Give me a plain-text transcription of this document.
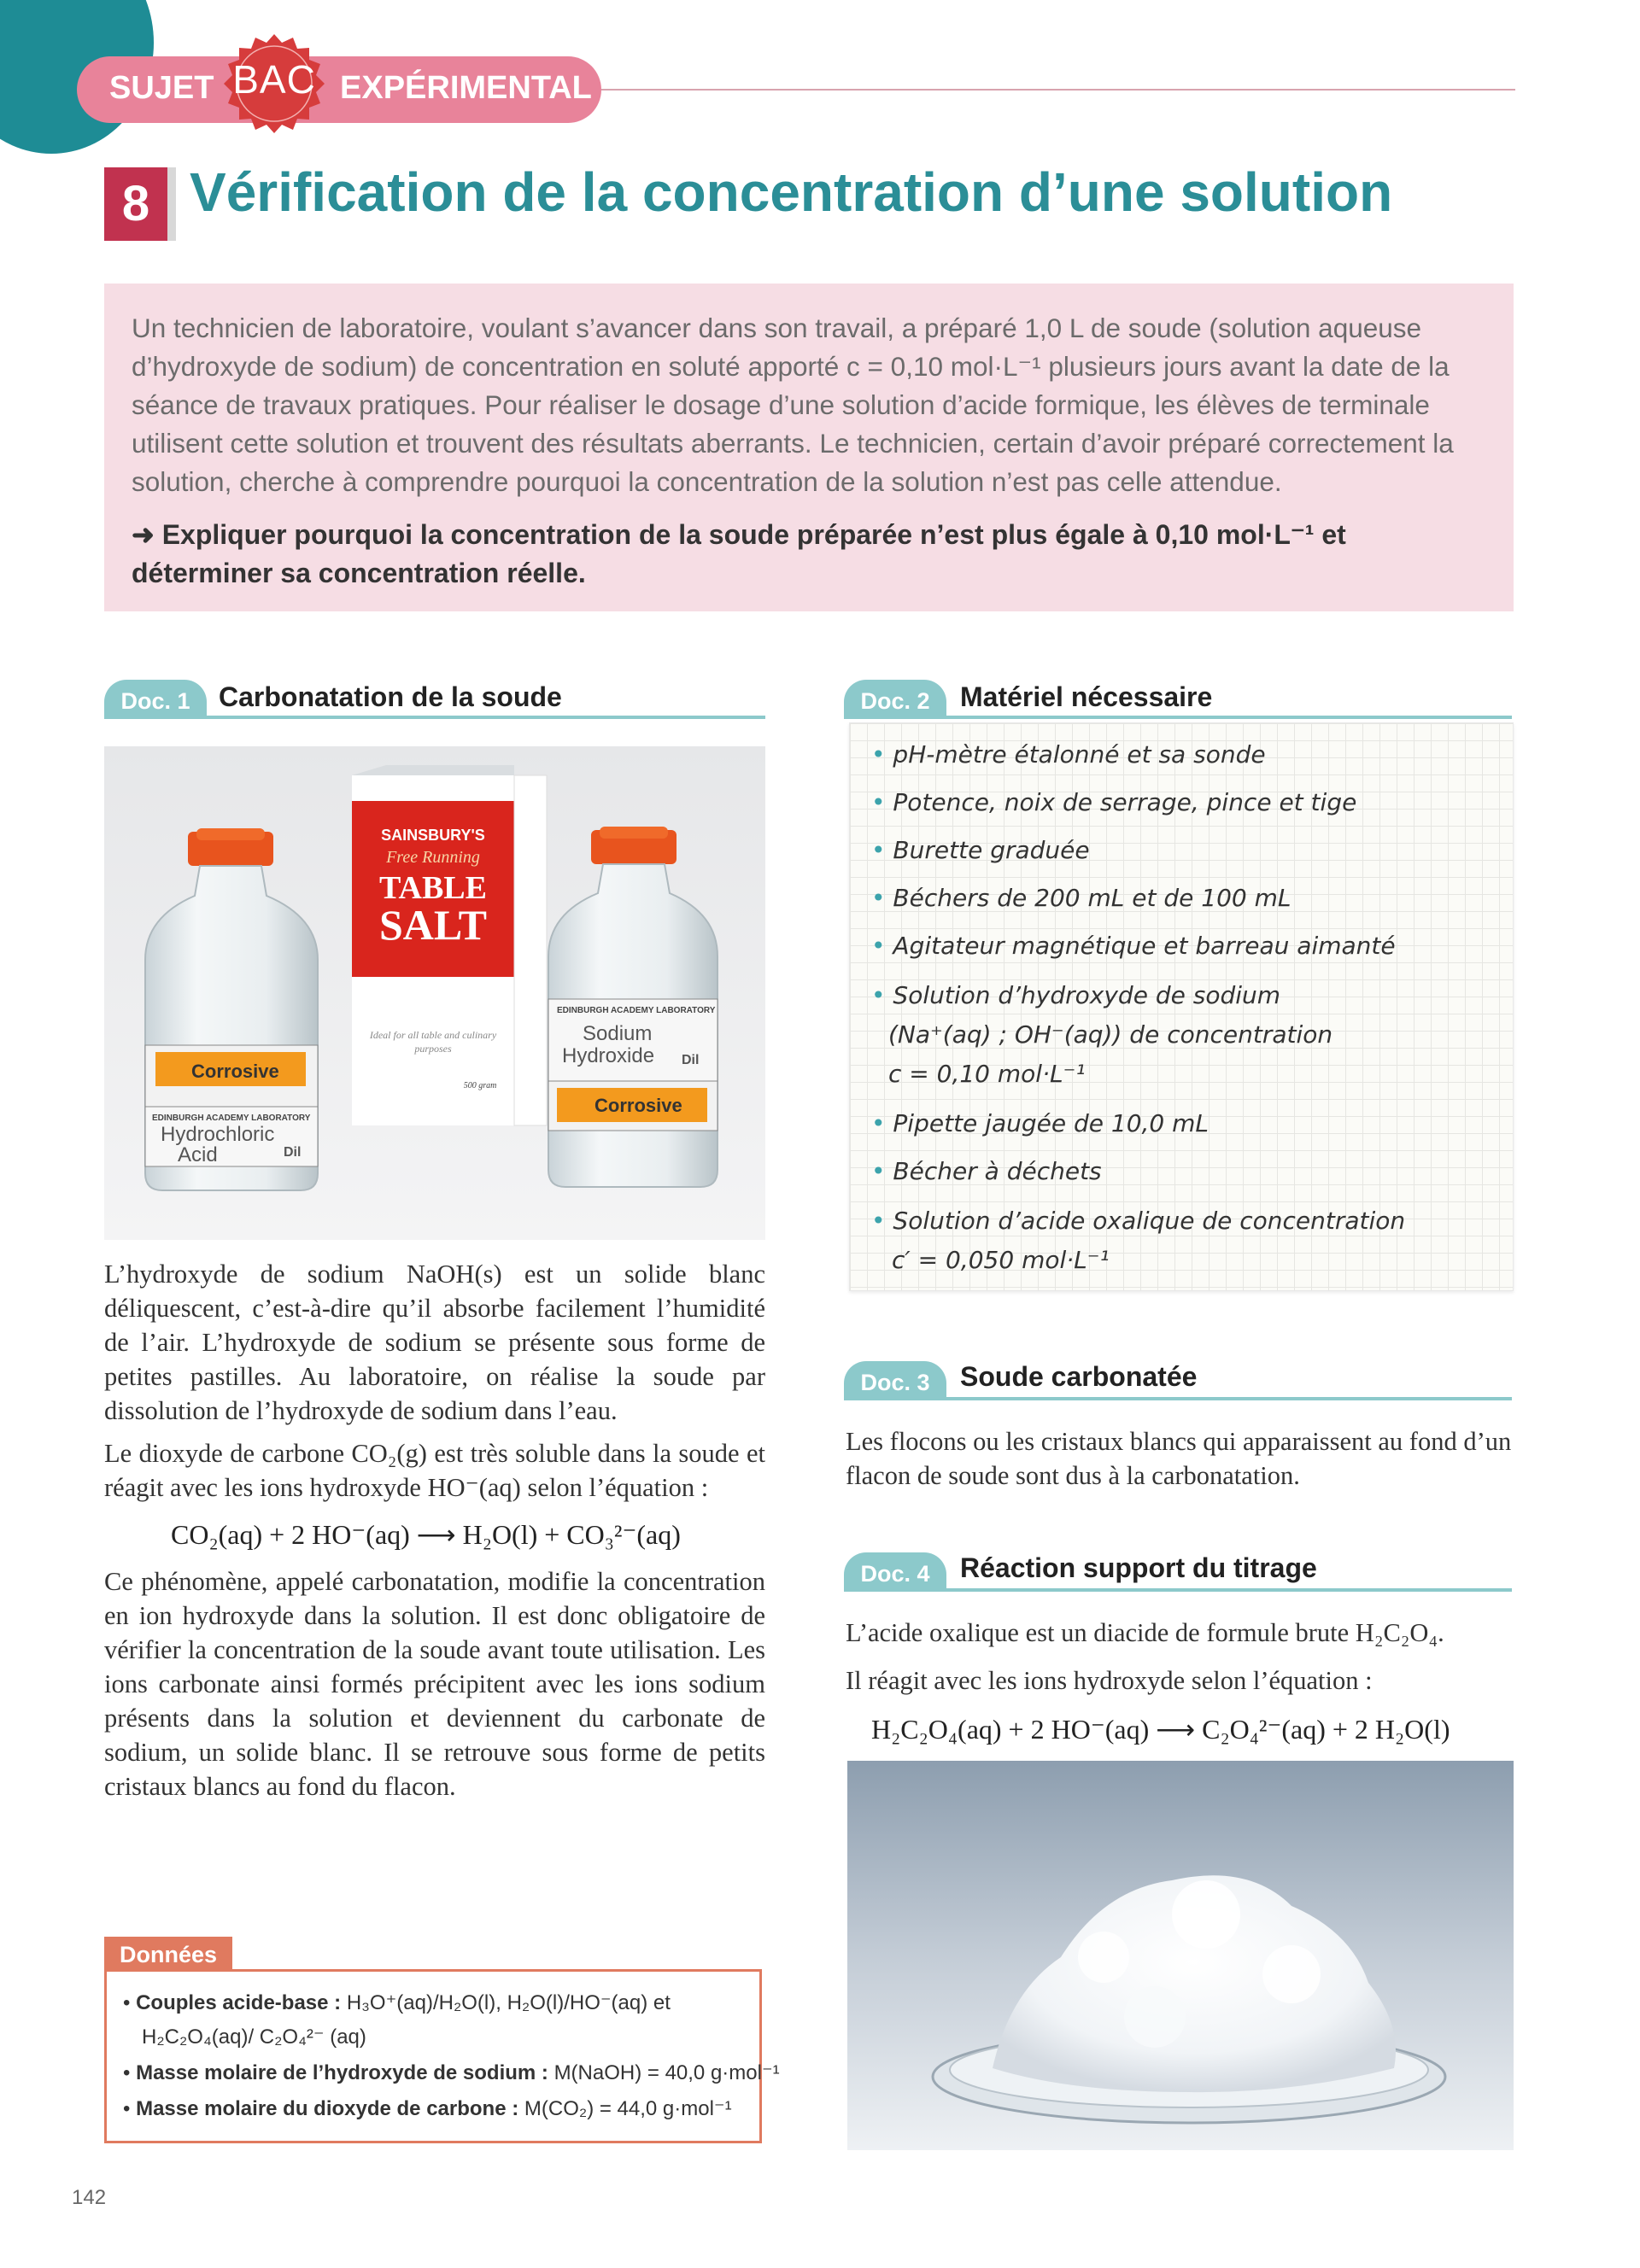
SUJET BAC EXPÉRIMENTAL
8 Vérification de la concentration d’une solution
Un technicien de laboratoire, voulant s’avancer dans son travail, a préparé 1,0 L de soude (solution aqueuse d’hydroxyde de sodium) de concentration en soluté apporté c = 0,10 mol·L⁻¹ plusieurs jours avant la date de la séance de travaux pratiques. Pour réaliser le dosage d’une solution d’acide formique, les élèves de terminale utilisent cette solution et trouvent des résultats aberrants. Le technicien, certain d’avoir préparé correctement la solution, cherche à comprendre pourquoi la concentration de la solution n’est pas celle attendue.
➜ Expliquer pourquoi la concentration de la soude préparée n’est plus égale à 0,10 mol·L⁻¹ et déterminer sa concentration réelle.
Doc. 1	Carbonatation de la soude
Corrosive
EDINBURGH ACADEMY LABORATORY
Hydrochloric
Acid	Dil
SAINSBURY'S
Free Running
TABLE
SALT
Ideal for all table and culinary purposes
500 gram
EDINBURGH ACADEMY LABORATORY
Sodium
Hydroxide Dil
Corrosive
L’hydroxyde de sodium NaOH(s) est un solide blanc déliquescent, c’est-à-dire qu’il absorbe facilement l’humidité de l’air. L’hydroxyde de sodium se présente sous forme de petites pastilles. Au laboratoire, on réalise la soude par dissolution de l’hydroxyde de sodium dans l’eau.
Le dioxyde de carbone CO₂(g) est très soluble dans la soude et réagit avec les ions hydroxyde HO⁻(aq) selon l’équation :
CO₂(aq) + 2 HO⁻(aq) ⟶ H₂O(l) + CO₃²⁻(aq)
Ce phénomène, appelé carbonatation, modifie la concentration en ion hydroxyde dans la solution. Il est donc obligatoire de vérifier la concentration de la soude avant toute utilisation. Les ions carbonate ainsi formés précipitent avec les ions sodium présents dans la solution et deviennent du carbonate de sodium, un solide blanc. Il se retrouve sous forme de petits cristaux blancs au fond du flacon.
Doc. 2	Matériel nécessaire
• pH-mètre étalonné et sa sonde
• Potence, noix de serrage, pince et tige
• Burette graduée
• Béchers de 200 mL et de 100 mL
• Agitateur magnétique et barreau aimanté
• Solution d’hydroxyde de sodium
(Na⁺(aq) ; OH⁻(aq)) de concentration
c = 0,10 mol·L⁻¹
• Pipette jaugée de 10,0 mL
• Bécher à déchets
• Solution d’acide oxalique de concentration
c′ = 0,050 mol·L⁻¹
Doc. 3	Soude carbonatée
Les flocons ou les cristaux blancs qui apparaissent au fond d’un flacon de soude sont dus à la carbonatation.
Doc. 4	Réaction support du titrage
L’acide oxalique est un diacide de formule brute H₂C₂O₄.
Il réagit avec les ions hydroxyde selon l’équation :
H₂C₂O₄(aq) + 2 HO⁻(aq) ⟶ C₂O₄²⁻(aq) + 2 H₂O(l)
Données
• Couples acide-base : H₃O⁺(aq)/H₂O(l), H₂O(l)/HO⁻(aq) et
H₂C₂O₄(aq)/ C₂O₄²⁻ (aq)
• Masse molaire de l’hydroxyde de sodium : M(NaOH) = 40,0 g·mol⁻¹
• Masse molaire du dioxyde de carbone : M(CO₂) = 44,0 g·mol⁻¹
142
